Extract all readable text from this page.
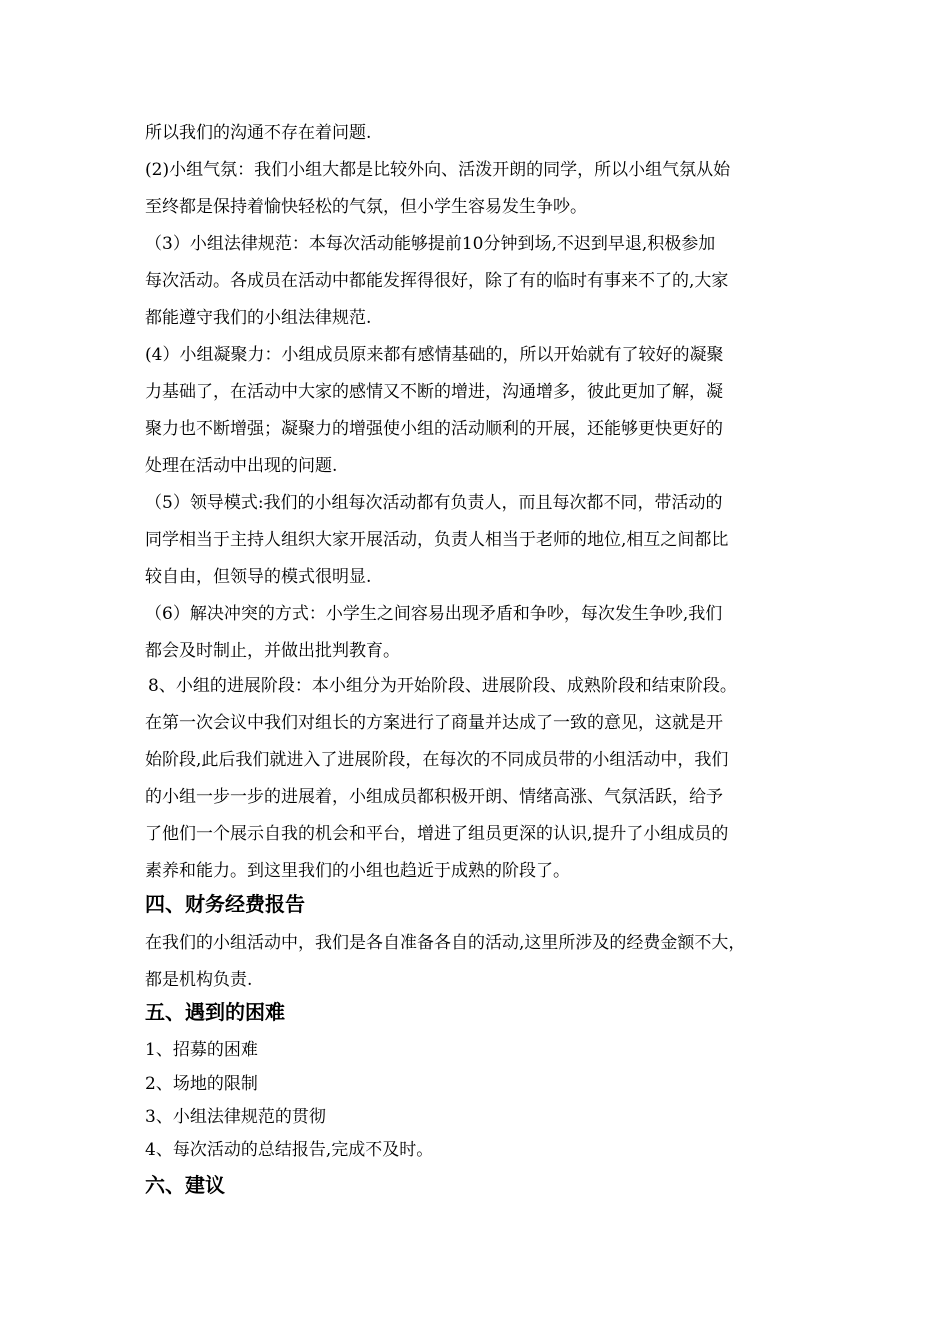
所以我们的沟通不存在着问题.

(2)小组气氛：我们小组大都是比较外向、活泼开朗的同学，所以小组气氛从始

至终都是保持着愉快轻松的气氛，但小学生容易发生争吵。

（3）小组法律规范：本每次活动能够提前10分钟到场,不迟到早退,积极参加

每次活动。各成员在活动中都能发挥得很好，除了有的临时有事来不了的,大家

都能遵守我们的小组法律规范.

(4）小组凝聚力：小组成员原来都有感情基础的，所以开始就有了较好的凝聚

力基础了，在活动中大家的感情又不断的增进，沟通增多，彼此更加了解，凝

聚力也不断增强；凝聚力的增强使小组的活动顺利的开展，还能够更快更好的

处理在活动中出现的问题.

（5）领导模式:我们的小组每次活动都有负责人，而且每次都不同，带活动的

同学相当于主持人组织大家开展活动，负责人相当于老师的地位,相互之间都比

较自由，但领导的模式很明显.

（6）解决冲突的方式：小学生之间容易出现矛盾和争吵，每次发生争吵,我们

都会及时制止，并做出批判教育。

8、小组的进展阶段：本小组分为开始阶段、进展阶段、成熟阶段和结束阶段。

在第一次会议中我们对组长的方案进行了商量并达成了一致的意见，这就是开

始阶段,此后我们就进入了进展阶段，在每次的不同成员带的小组活动中，我们

的小组一步一步的进展着，小组成员都积极开朗、情绪高涨、气氛活跃，给予

了他们一个展示自我的机会和平台，增进了组员更深的认识,提升了小组成员的

素养和能力。到这里我们的小组也趋近于成熟的阶段了。

四、财务经费报告

在我们的小组活动中，我们是各自准备各自的活动,这里所涉及的经费金额不大，

都是机构负责.

五、遇到的困难

1、招募的困难

2、场地的限制

3、小组法律规范的贯彻

4、每次活动的总结报告,完成不及时。

六、建议
